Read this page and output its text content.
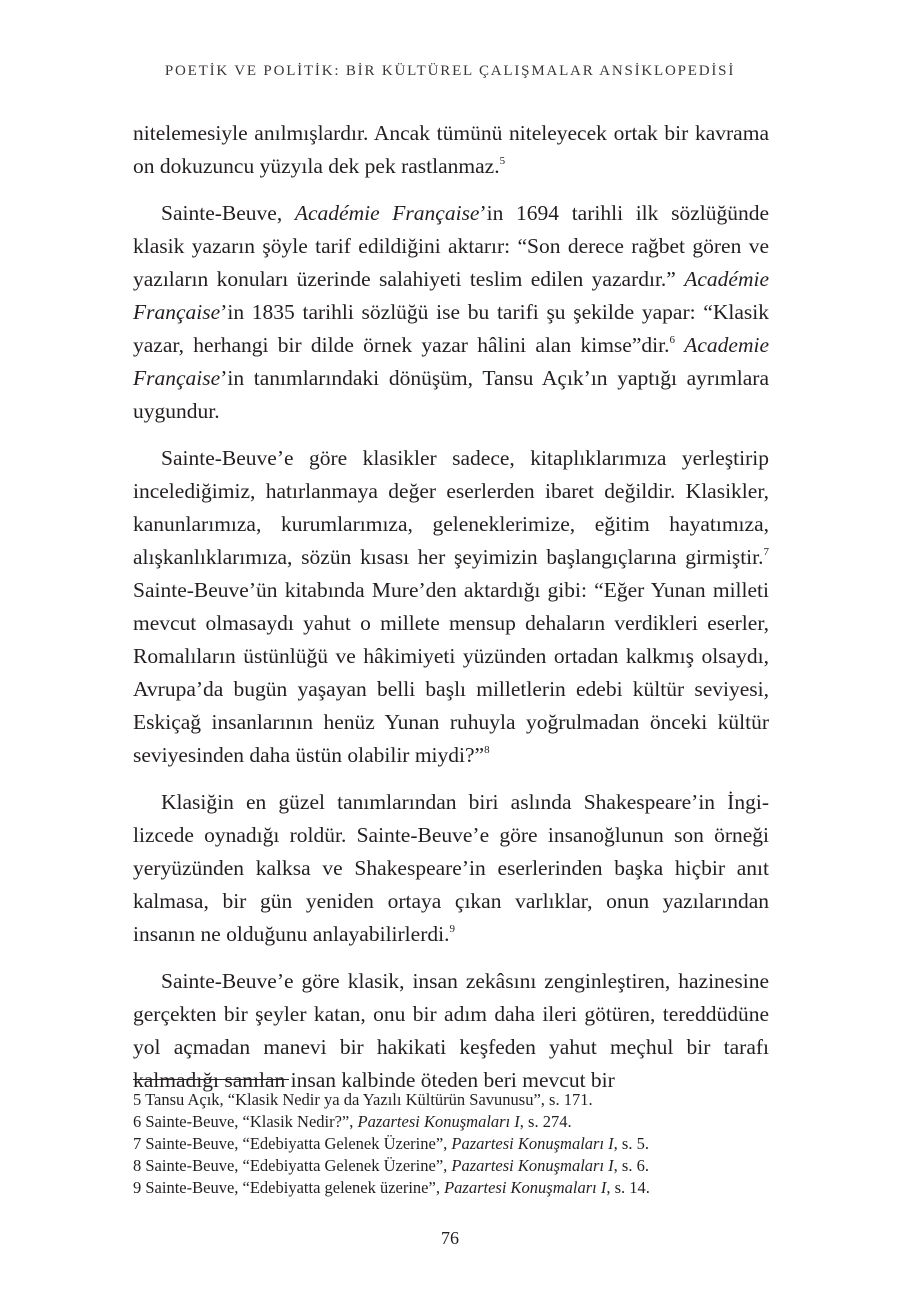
POETİK VE POLİTİK: BİR KÜLTÜREL ÇALIŞMALAR ANSİKLOPEDİSİ

nitelemesiyle anılmışlardır. Ancak tümünü niteleyecek ortak bir kavrama on dokuzuncu yüzyıla dek pek rastlanmaz.$^5$

Sainte-Beuve, Académie Française’in 1694 tarihli ilk sözlüğünde klasik yazarın şöyle tarif edildiğini aktarır: “Son derece rağbet gören ve yazıların konuları üzerinde salahiyeti teslim edilen yazardır.” Académie Française’in 1835 tarihli sözlüğü ise bu tarifi şu şekilde yapar: “Klasik yazar, herhangi bir dilde örnek yazar hâlini alan kimse”dir.$^6$ Academie Française’in tanımlarındaki dönüşüm, Tansu Açık’ın yaptığı ayrımlara uygundur.

Sainte-Beuve’e göre klasikler sadece, kitaplıklarımıza yerleştirip incelediğimiz, hatırlanmaya değer eserlerden ibaret değildir. Klasikler, kanunlarımıza, kurumlarımıza, geleneklerimize, eğitim hayatımıza, alışkanlıklarımıza, sözün kısası her şeyimizin başlangıçlarına girmiştir.$^7$ Sainte-Beuve’ün kitabında Mure’den aktardığı gibi: “Eğer Yunan milleti mevcut olmasaydı yahut o millete mensup dehaların verdikleri eserler, Romalıların üstünlüğü ve hâkimiyeti yüzünden ortadan kalkmış olsaydı, Avrupa’da bugün yaşayan belli başlı milletlerin edebi kültür seviyesi, Eskiçağ insanlarının henüz Yunan ruhuyla yoğrulmadan önceki kültür seviyesinden daha üstün olabilir miydi?”$^8$

Klasiğin en güzel tanımlarından biri aslında Shakespeare’in İngilizcede oynadığı roldür. Sainte-Beuve’e göre insanoğlunun son örneği yeryüzünden kalksa ve Shakespeare’in eserlerinden başka hiçbir anıt kalmasa, bir gün yeniden ortaya çıkan varlıklar, onun yazılarından insanın ne olduğunu anlayabilirlerdi.$^9$

Sainte-Beuve’e göre klasik, insan zekâsını zenginleştiren, hazinesine gerçekten bir şeyler katan, onu bir adım daha ileri götüren, tereddüdüne yol açmadan manevi bir hakikati keşfeden yahut meçhul bir tarafı kalmadığı sanılan insan kalbinde öteden beri mevcut bir

5 Tansu Açık, “Klasik Nedir ya da Yazılı Kültürün Savunusu”, s. 171.
6 Sainte-Beuve, “Klasik Nedir?”, Pazartesi Konuşmaları I, s. 274.
7 Sainte-Beuve, “Edebiyatta Gelenek Üzerine”, Pazartesi Konuşmaları I, s. 5.
8 Sainte-Beuve, “Edebiyatta Gelenek Üzerine”, Pazartesi Konuşmaları I, s. 6.
9 Sainte-Beuve, “Edebiyatta gelenek üzerine”, Pazartesi Konuşmaları I, s. 14.
76
